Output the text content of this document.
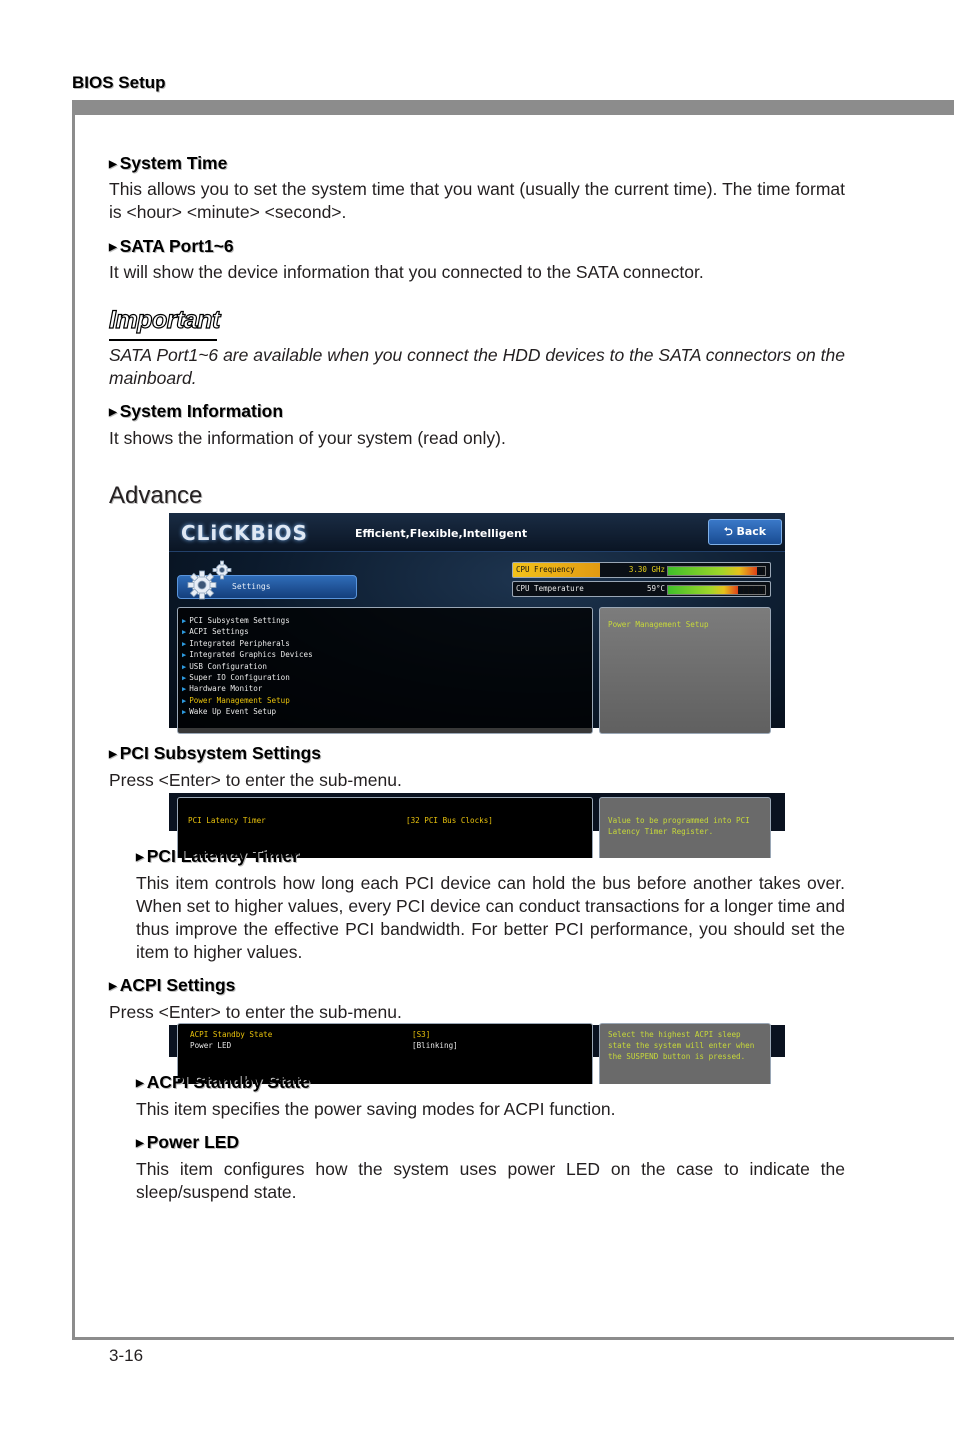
BIOS Setup
▶ System Time
This allows you to set the system time that you want (usually the current time). The time format is <hour> <minute> <second>.
▶ SATA Port1~6
It will show the device information that you connected to the SATA connector.
Important
SATA Port1~6 are available when you connect the HDD devices to the SATA connectors on the mainboard.
▶ System Information
It shows the information of your system (read only).
Advance
CLiCKBiOS	Efficient,Flexible,Intelligent	⮌ Back
Settings
CPU Frequency	3.30 GHz
CPU Temperature	59°C
▶ PCI Subsystem Settings
▶ ACPI Settings
▶ Integrated Peripherals
▶ Integrated Graphics Devices
▶ USB Configuration
▶ Super IO Configuration
▶ Hardware Monitor
▶ Power Management Setup
▶ Wake Up Event Setup
Power Management Setup
▶ PCI Subsystem Settings
Press <Enter> to enter the sub-menu.
PCI Latency Timer	[32 PCI Bus Clocks]	Value to be programmed into PCI
Latency Timer Register.
▶ PCI Latency Timer
This item controls how long each PCI device can hold the bus before another takes over. When set to higher values, every PCI device can conduct transactions for a longer time and thus improve the effective PCI bandwidth. For better PCI performance, you should set the item to higher values.
▶ ACPI Settings
Press <Enter> to enter the sub-menu.
ACPI Standby State	[S3]
Power LED	[Blinking]
Select the highest ACPI sleep
state the system will enter when
the SUSPEND button is pressed.
▶ ACPI Standby State
This item specifies the power saving modes for ACPI function.
▶ Power LED
This item configures how the system uses power LED on the case to indicate the sleep/suspend state.
3-16
